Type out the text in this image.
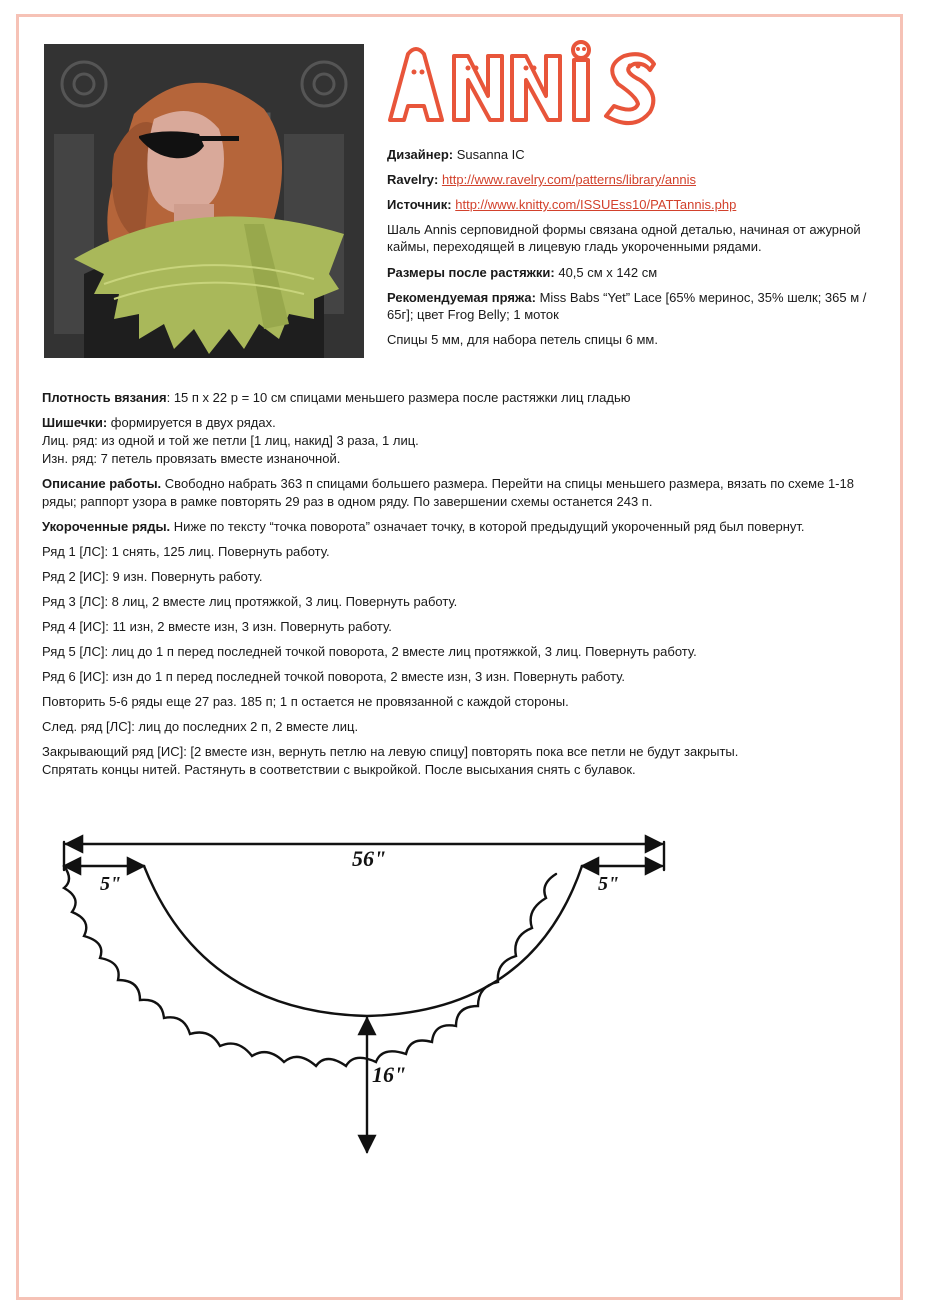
Дизайнер: Susanna IC

Ravelry: http://www.ravelry.com/patterns/library/annis

Источник: http://www.knitty.com/ISSUEss10/PATTannis.php

Шаль Annis серповидной формы связана одной деталью, начиная от ажурной каймы, переходящей в лицевую гладь укороченными рядами.

Размеры после растяжки: 40,5 см х 142 см

Рекомендуемая пряжа: Miss Babs “Yet” Lace [65% меринос, 35% шелк; 365 м / 65г]; цвет Frog Belly; 1 моток

Спицы 5 мм, для набора петель спицы 6 мм.

Плотность вязания: 15 п х 22 р = 10 см спицами меньшего размера после растяжки лиц гладью

Шишечки: формируется в двух рядах.
Лиц. ряд: из одной и той же петли [1 лиц, накид] 3 раза, 1 лиц.
Изн. ряд: 7 петель провязать вместе изнаночной.

Описание работы. Свободно набрать 363 п спицами большего размера. Перейти на спицы меньшего размера, вязать по схеме 1-18 ряды; раппорт узора в рамке повторять 29 раз в одном ряду. По завершении схемы останется 243 п.

Укороченные ряды. Ниже по тексту “точка поворота” означает точку, в которой предыдущий укороченный ряд был повернут.

Ряд 1 [ЛС]: 1 снять, 125 лиц. Повернуть работу.

Ряд 2 [ИС]: 9 изн. Повернуть работу.

Ряд 3 [ЛС]: 8 лиц, 2 вместе лиц протяжкой, 3 лиц. Повернуть работу.

Ряд 4 [ИС]: 11 изн, 2 вместе изн, 3 изн. Повернуть работу.

Ряд 5 [ЛС]: лиц до 1 п перед последней точкой поворота, 2 вместе лиц протяжкой, 3 лиц. Повернуть работу.

Ряд 6 [ИС]: изн до 1 п перед последней точкой поворота, 2 вместе изн, 3 изн. Повернуть работу.

Повторить 5-6 ряды еще 27 раз. 185 п; 1 п остается не провязанной с каждой стороны.

След. ряд [ЛС]: лиц до последних 2 п, 2 вместе лиц.

Закрывающий ряд [ИС]: [2 вместе изн, вернуть петлю на левую спицу] повторять пока все петли не будут закрыты.
Спрятать концы нитей. Растянуть в соответствии с выкройкой. После высыхания снять с булавок.

56"
5"	5"
16"
